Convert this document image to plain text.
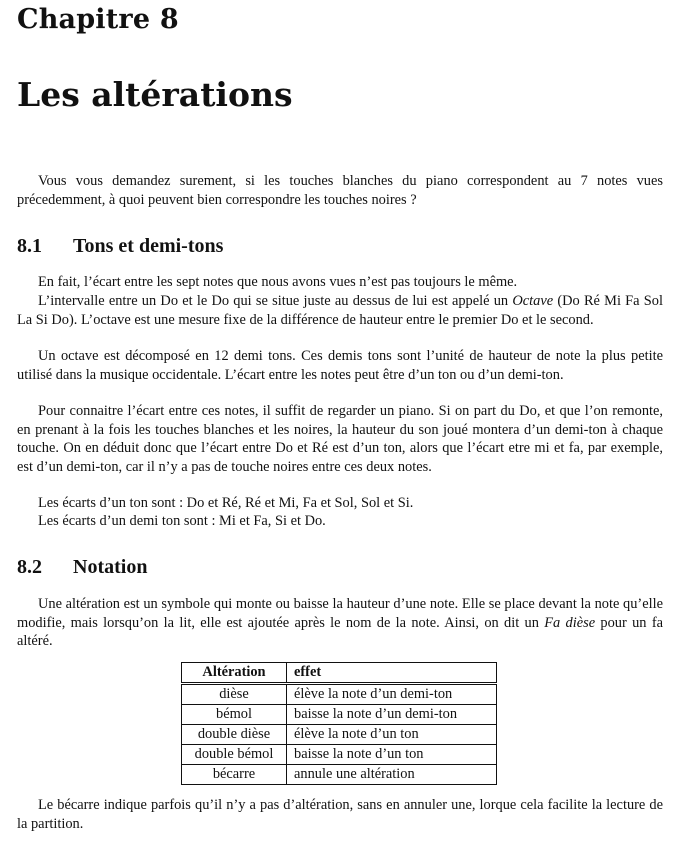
Chapitre 8
Les altérations

Vous vous demandez surement, si les touches blanches du piano correspondent au 7 notes vues précedemment, à quoi peuvent bien correspondre les touches noires ?

8.1 Tons et demi-tons

En fait, l’écart entre les sept notes que nous avons vues n’est pas toujours le même.

L’intervalle entre un Do et le Do qui se situe juste au dessus de lui est appelé un Octave (Do Ré Mi Fa Sol La Si Do). L’octave est une mesure fixe de la différence de hauteur entre le premier Do et le second.

Un octave est décomposé en 12 demi tons. Ces demis tons sont l’unité de hauteur de note la plus petite utilisé dans la musique occidentale. L’écart entre les notes peut être d’un ton ou d’un demi-ton.

Pour connaitre l’écart entre ces notes, il suffit de regarder un piano. Si on part du Do, et que l’on remonte, en prenant à la fois les touches blanches et les noires, la hauteur du son joué montera d’un demi-ton à chaque touche. On en déduit donc que l’écart entre Do et Ré est d’un ton, alors que l’écart etre mi et fa, par exemple, est d’un demi-ton, car il n’y a pas de touche noires entre ces deux notes.

Les écarts d’un ton sont : Do et Ré, Ré et Mi, Fa et Sol, Sol et Si.

Les écarts d’un demi ton sont : Mi et Fa, Si et Do.

8.2 Notation

Une altération est un symbole qui monte ou baisse la hauteur d’une note. Elle se place devant la note qu’elle modifie, mais lorsqu’on la lit, elle est ajoutée après le nom de la note. Ainsi, on dit un Fa dièse pour un fa altéré.

Altération	effet
dièse	élève la note d’un demi-ton
bémol	baisse la note d’un demi-ton
double dièse	élève la note d’un ton
double bémol	baisse la note d’un ton
bécarre	annule une altération

Le bécarre indique parfois qu’il n’y a pas d’altération, sans en annuler une, lorque cela facilite la lecture de la partition.
